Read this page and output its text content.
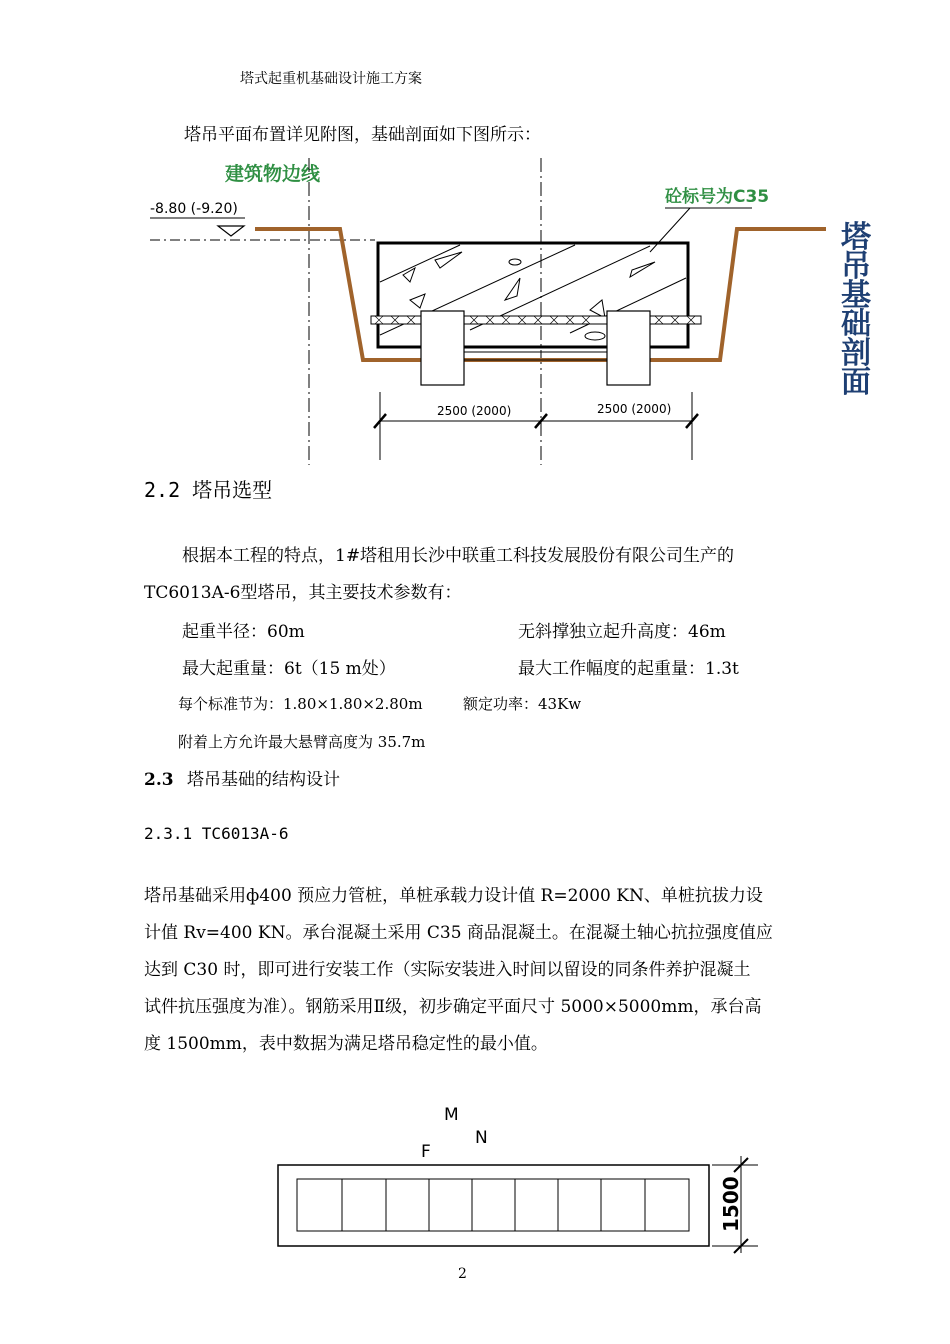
塔式起重机基础设计施工方案
塔吊平面布置详见附图，基础剖面如下图所示：
建筑物边线
-8.80 (-9.20)
砼标号为C35
2500 (2000)	2500 (2000)
塔
吊
基
础
剖
面
2.2 塔吊选型
根据本工程的特点，1#塔租用长沙中联重工科技发展股份有限公司生产的
TC6013A-6型塔吊，其主要技术参数有：
起重半径：60m	无斜撑独立起升高度：46m
最大起重量：6t（15 m处）	最大工作幅度的起重量：1.3t
每个标准节为：1.80×1.80×2.80m	额定功率：43Kw
附着上方允许最大悬臂高度为 35.7m
2.3 塔吊基础的结构设计
2.3.1 TC6013A-6
塔吊基础采用ф400 预应力管桩，单桩承载力设计值 R=2000 KN、单桩抗拔力设
计值 Rv=400 KN。承台混凝土采用 C35 商品混凝土。在混凝土轴心抗拉强度值应
达到 C30 时，即可进行安装工作（实际安装进入时间以留设的同条件养护混凝土
试件抗压强度为准）。钢筋采用Ⅱ级，初步确定平面尺寸 5000×5000mm，承台高
度 1500mm，表中数据为满足塔吊稳定性的最小值。
M
N
F
1500
2
